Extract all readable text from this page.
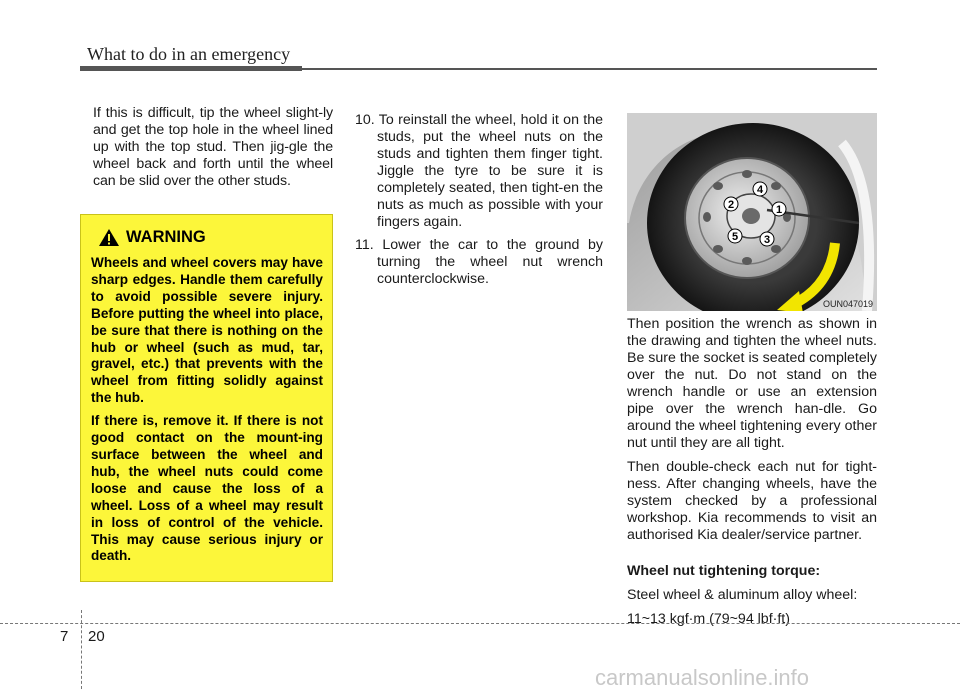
What to do in an emergency

If this is difficult, tip the wheel slight-ly and get the top hole in the wheel lined up with the top stud. Then jig-gle the wheel back and forth until the wheel can be slid over the other studs.

WARNING

Wheels and wheel covers may have sharp edges. Handle them carefully to avoid possible severe injury. Before putting the wheel into place, be sure that there is nothing on the hub or wheel (such as mud, tar, gravel, etc.) that prevents with the wheel from fitting solidly against the hub.

If there is, remove it. If there is not good contact on the mount-ing surface between the wheel and hub, the wheel nuts could come loose and cause the loss of a wheel. Loss of a wheel may result in loss of control of the vehicle. This may cause serious injury or death.

10. To reinstall the wheel, hold it on the studs, put the wheel nuts on the studs and tighten them finger tight. Jiggle the tyre to be sure it is completely seated, then tight-en the nuts as much as possible with your fingers again.

11. Lower the car to the ground by turning the wheel nut wrench counterclockwise.

1
2
3
4
5
OUN047019

Then position the wrench as shown in the drawing and tighten the wheel nuts. Be sure the socket is seated completely over the nut. Do not stand on the wrench handle or use an extension pipe over the wrench han-dle. Go around the wheel tightening every other nut until they are all tight.

Then double-check each nut for tight-ness. After changing wheels, have the system checked by a professional workshop. Kia recommends to visit an authorised Kia dealer/service partner.

Wheel nut tightening torque:

Steel wheel & aluminum alloy wheel:

11~13 kgf·m (79~94 lbf·ft)

7 20
carmanualsonline.info
